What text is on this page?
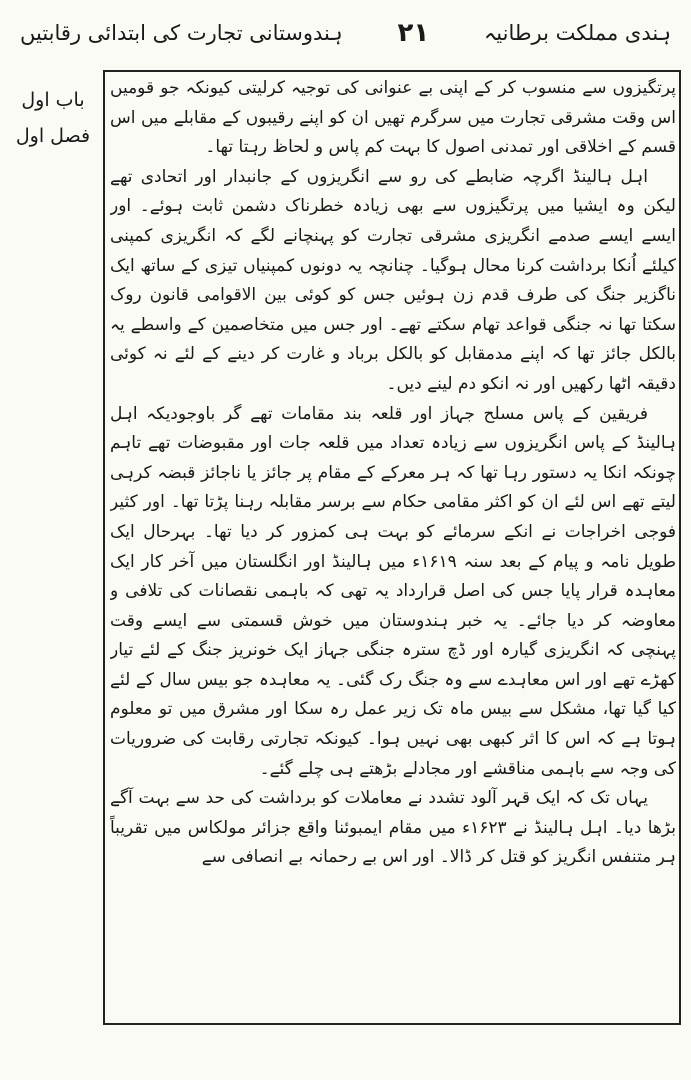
ہندی مملکت برطانیہ
۲۱
ہندوستانی تجارت کی ابتدائی رقابتیں
باب اول
فصل اول

پرتگیزوں سے منسوب کر کے اپنی بے عنوانی کی توجیہ کرلیتی کیونکہ جو قومیں اس وقت مشرقی تجارت میں سرگرم تھیں ان کو اپنے رقیبوں کے مقابلے میں اس قسم کے اخلاقی اور تمدنی اصول کا بہت کم پاس و لحاظ رہتا تھا۔

اہل ہالینڈ اگرچہ ضابطے کی رو سے انگریزوں کے جانبدار اور اتحادی تھے لیکن وہ ایشیا میں پرتگیزوں سے بھی زیادہ خطرناک دشمن ثابت ہوئے۔ اور ایسے ایسے صدمے انگریزی مشرقی تجارت کو پہنچانے لگے کہ انگریزی کمپنی کیلئے اُنکا برداشت کرنا محال ہوگیا۔ چنانچہ یہ دونوں کمپنیاں تیزی کے ساتھ ایک ناگزیر جنگ کی طرف قدم زن ہوئیں جس کو کوئی بین الاقوامی قانون روک سکتا تھا نہ جنگی قواعد تھام سکتے تھے۔ اور جس میں متخاصمین کے واسطے یہ بالکل جائز تھا کہ اپنے مدمقابل کو بالکل برباد و غارت کر دینے کے لئے نہ کوئی دقیقہ اٹھا رکھیں اور نہ انکو دم لینے دیں۔

فریقین کے پاس مسلح جہاز اور قلعہ بند مقامات تھے گر باوجودیکہ اہل ہالینڈ کے پاس انگریزوں سے زیادہ تعداد میں قلعہ جات اور مقبوضات تھے تاہم چونکہ انکا یہ دستور رہا تھا کہ ہر معرکے کے مقام پر جائز یا ناجائز قبضہ کرہی لیتے تھے اس لئے ان کو اکثر مقامی حکام سے برسر مقابلہ رہنا پڑتا تھا۔ اور کثیر فوجی اخراجات نے انکے سرمائے کو بہت ہی کمزور کر دیا تھا۔ بہرحال ایک طویل نامہ و پیام کے بعد سنہ ۱۶۱۹ء میں ہالینڈ اور انگلستان میں آخر کار ایک معاہدہ قرار پایا جس کی اصل قرارداد یہ تھی کہ باہمی نقصانات کی تلافی و معاوضہ کر دیا جائے۔ یہ خبر ہندوستان میں خوش قسمتی سے ایسے وقت پہنچی کہ انگریزی گیارہ اور ڈچ سترہ جنگی جہاز ایک خونریز جنگ کے لئے تیار کھڑے تھے اور اس معاہدے سے وہ جنگ رک گئی۔ یہ معاہدہ جو بیس سال کے لئے کیا گیا تھا، مشکل سے بیس ماہ تک زیر عمل رہ سکا اور مشرق میں تو معلوم ہوتا ہے کہ اس کا اثر کبھی بھی نہیں ہوا۔ کیونکہ تجارتی رقابت کی ضروریات کی وجہ سے باہمی مناقشے اور مجادلے بڑھتے ہی چلے گئے۔

یہاں تک کہ ایک قہر آلود تشدد نے معاملات کو برداشت کی حد سے بہت آگے بڑھا دیا۔ اہل ہالینڈ نے ۱۶۲۳ء میں مقام ایمبوئنا واقع جزائر مولکاس میں تقریباً ہر متنفس انگریز کو قتل کر ڈالا۔ اور اس بے رحمانہ بے انصافی سے
